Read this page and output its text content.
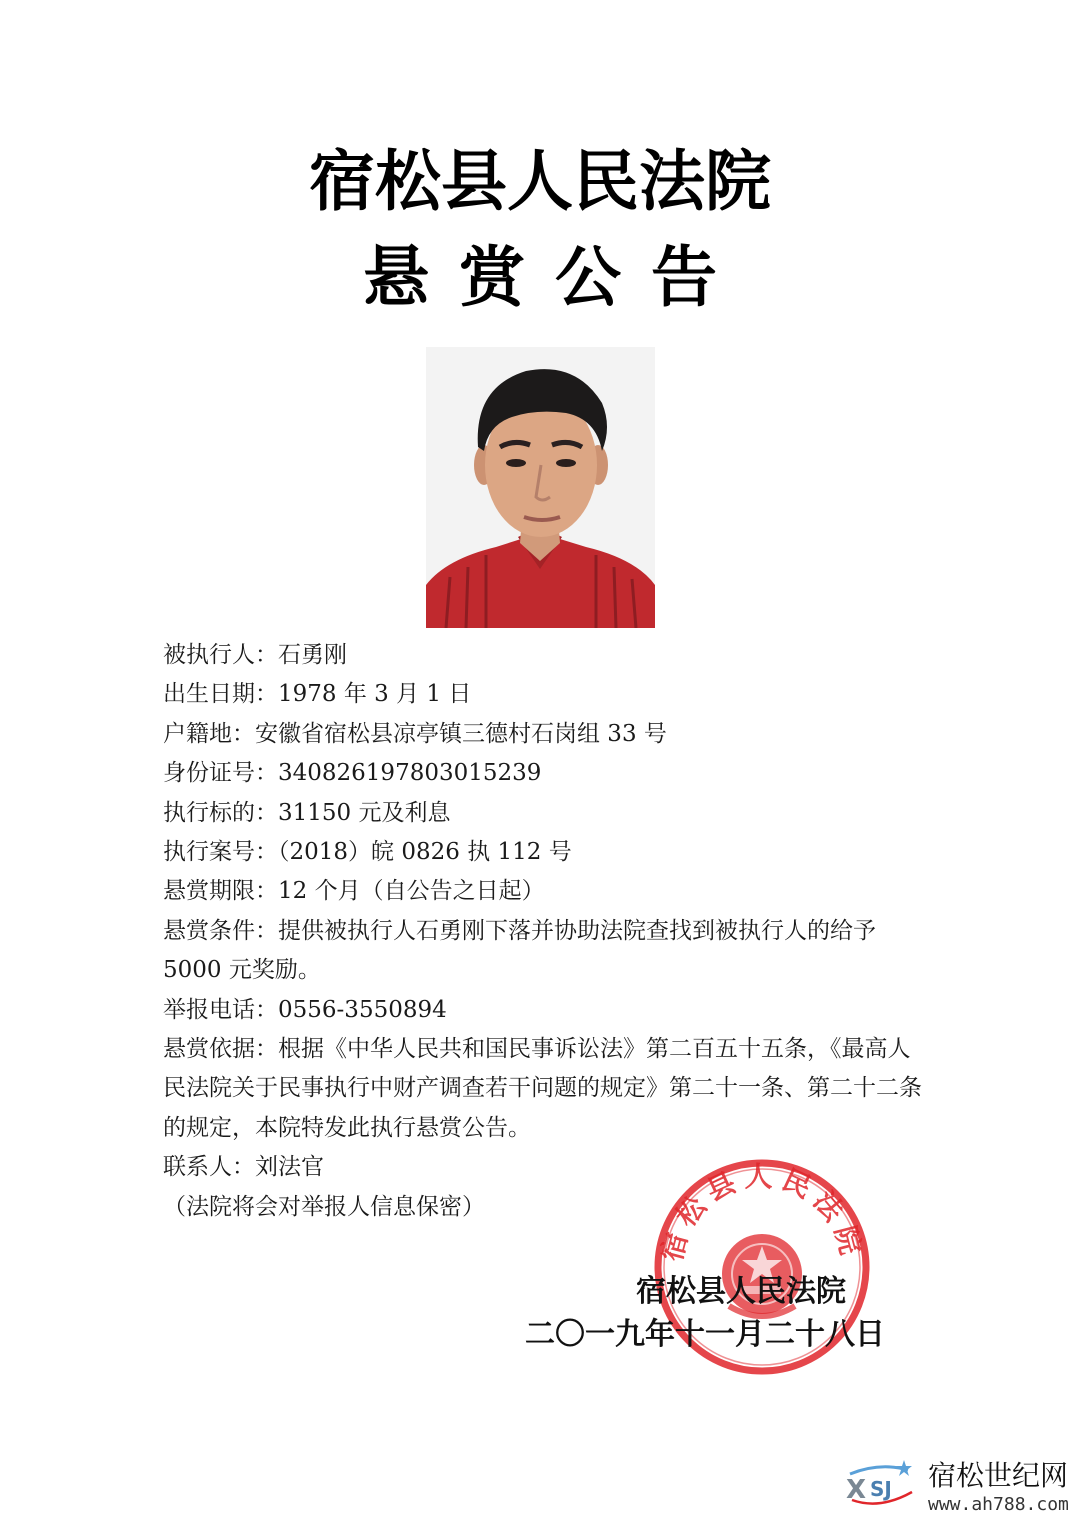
宿松县人民法院
悬赏公告
被执行人：石勇刚
出生日期：1978 年 3 月 1 日
户籍地：安徽省宿松县凉亭镇三德村石岗组 33 号
身份证号：340826197803015239
执行标的：31150 元及利息
执行案号：（2018）皖 0826 执 112 号
悬赏期限：12 个月（自公告之日起）
悬赏条件：提供被执行人石勇刚下落并协助法院查找到被执行人的给予 5000 元奖励。
举报电话：0556-3550894
悬赏依据：根据《中华人民共和国民事诉讼法》第二百五十五条，《最高人民法院关于民事执行中财产调查若干问题的规定》第二十一条、第二十二条的规定，本院特发此执行悬赏公告。
联系人：刘法官
（法院将会对举报人信息保密）
宿松县人民法院
宿松县人民法院
二〇一九年十一月二十八日
X SJ 宿松世纪网
www.ah788.com
